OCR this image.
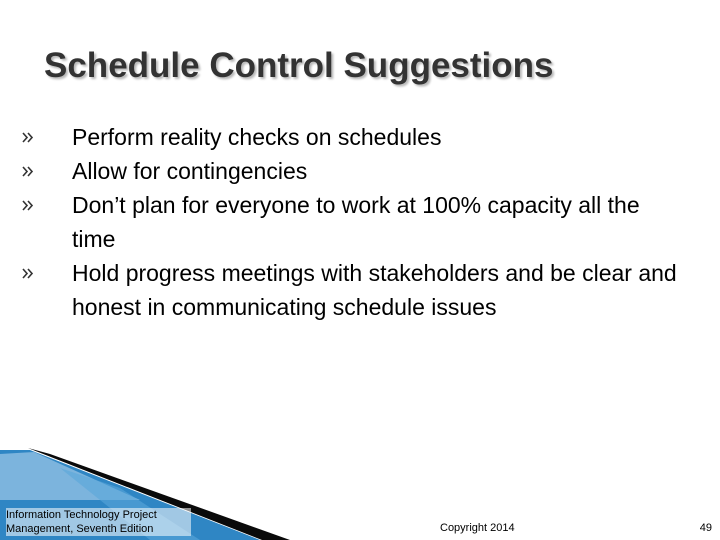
Schedule Control Suggestions
Perform reality checks on schedules
Allow for contingencies
Don’t plan for everyone to work at 100% capacity all the time
Hold progress meetings with stakeholders and be clear and honest in communicating schedule issues
Information Technology Project Management, Seventh Edition	Copyright 2014	49
